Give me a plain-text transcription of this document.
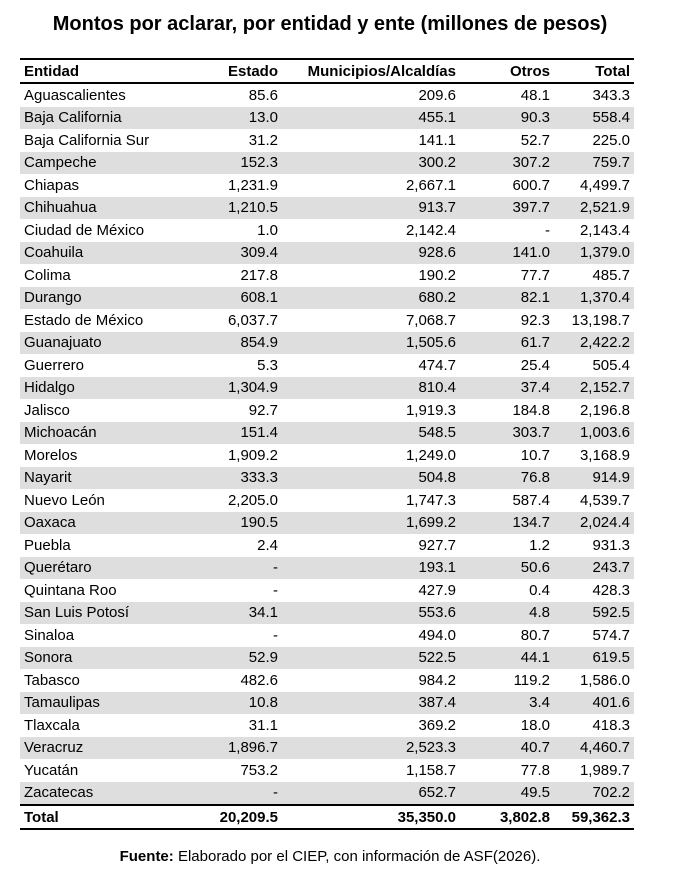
Montos por aclarar, por entidad y ente (millones de pesos)
Entidad	Estado	Municipios/Alcaldías	Otros	Total
Aguascalientes	85.6	209.6	48.1	343.3
Baja California	13.0	455.1	90.3	558.4
Baja California Sur	31.2	141.1	52.7	225.0
Campeche	152.3	300.2	307.2	759.7
Chiapas	1,231.9	2,667.1	600.7	4,499.7
Chihuahua	1,210.5	913.7	397.7	2,521.9
Ciudad de México	1.0	2,142.4	-	2,143.4
Coahuila	309.4	928.6	141.0	1,379.0
Colima	217.8	190.2	77.7	485.7
Durango	608.1	680.2	82.1	1,370.4
Estado de México	6,037.7	7,068.7	92.3	13,198.7
Guanajuato	854.9	1,505.6	61.7	2,422.2
Guerrero	5.3	474.7	25.4	505.4
Hidalgo	1,304.9	810.4	37.4	2,152.7
Jalisco	92.7	1,919.3	184.8	2,196.8
Michoacán	151.4	548.5	303.7	1,003.6
Morelos	1,909.2	1,249.0	10.7	3,168.9
Nayarit	333.3	504.8	76.8	914.9
Nuevo León	2,205.0	1,747.3	587.4	4,539.7
Oaxaca	190.5	1,699.2	134.7	2,024.4
Puebla	2.4	927.7	1.2	931.3
Querétaro	-	193.1	50.6	243.7
Quintana Roo	-	427.9	0.4	428.3
San Luis Potosí	34.1	553.6	4.8	592.5
Sinaloa	-	494.0	80.7	574.7
Sonora	52.9	522.5	44.1	619.5
Tabasco	482.6	984.2	119.2	1,586.0
Tamaulipas	10.8	387.4	3.4	401.6
Tlaxcala	31.1	369.2	18.0	418.3
Veracruz	1,896.7	2,523.3	40.7	4,460.7
Yucatán	753.2	1,158.7	77.8	1,989.7
Zacatecas	-	652.7	49.5	702.2
Total	20,209.5	35,350.0	3,802.8	59,362.3
Fuente: Elaborado por el CIEP, con información de ASF(2026).
